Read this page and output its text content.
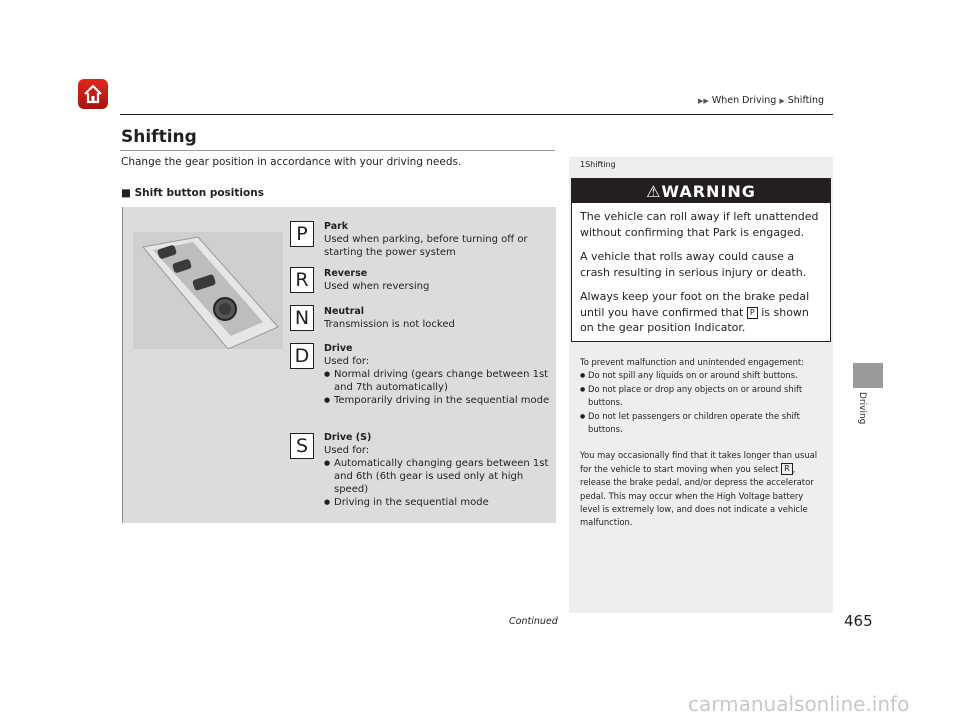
▶▶ When Driving ▶ Shifting
Shifting
Change the gear position in accordance with your driving needs.
■ Shift button positions
P	Park
Used when parking, before turning off or starting the power system
R	Reverse
Used when reversing
N	Neutral
Transmission is not locked
D	Drive
Used for:
● Normal driving (gears change between 1st and 7th automatically)
● Temporarily driving in the sequential mode
S	Drive (S)
Used for:
● Automatically changing gears between 1st and 6th (6th gear is used only at high speed)
● Driving in the sequential mode
1Shifting
⚠ WARNING

The vehicle can roll away if left unattended without confirming that Park is engaged.

A vehicle that rolls away could cause a crash resulting in serious injury or death.

Always keep your foot on the brake pedal until you have confirmed that P is shown on the gear position Indicator.

To prevent malfunction and unintended engagement:

● Do not spill any liquids on or around shift buttons.
● Do not place or drop any objects on or around shift buttons.
● Do not let passengers or children operate the shift buttons.

You may occasionally find that it takes longer than usual for the vehicle to start moving when you select R , release the brake pedal, and/or depress the accelerator pedal. This may occur when the High Voltage battery level is extremely low, and does not indicate a vehicle malfunction.

Driving
Continued	465
carmanualsonline.info
